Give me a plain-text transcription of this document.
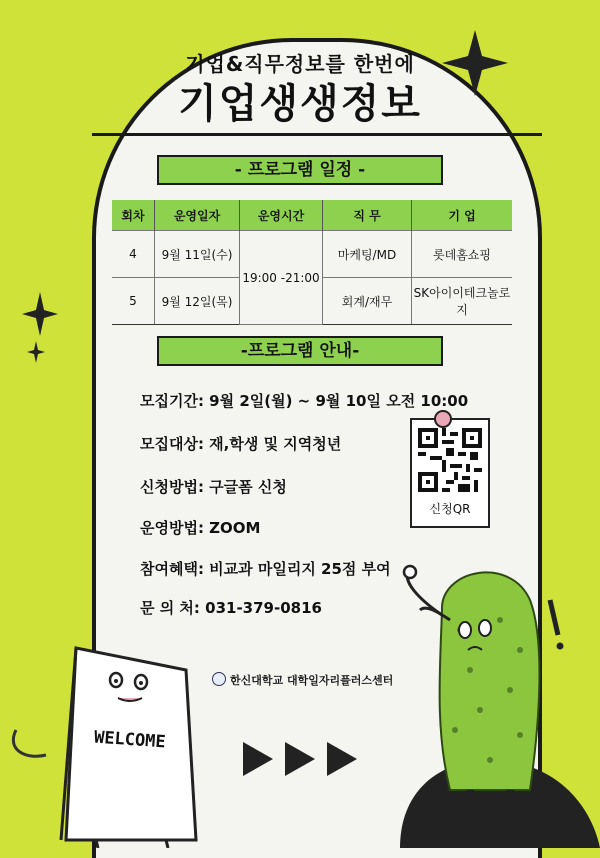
기업&직무정보를 한번에
기업생생정보
- 프로그램 일정 -
회차	운영일자	운영시간	직 무	기 업
4	9월 11일(수)	19:00 -21:00	마케팅/MD	롯데홈쇼핑
5	9월 12일(목)		회계/재무	SK아이이테크놀로지
-프로그램 안내-
모집기간: 9월 2일(월) ~ 9월 10일 오전 10:00
모집대상: 재,학생 및 지역청년
신청방법: 구글폼 신청
운영방법: ZOOM
참여혜택: 비교과 마일리지 25점 부여
문 의 처: 031-379-0816
신청QR
한신대학교 대학일자리플러스센터
WELCOME
